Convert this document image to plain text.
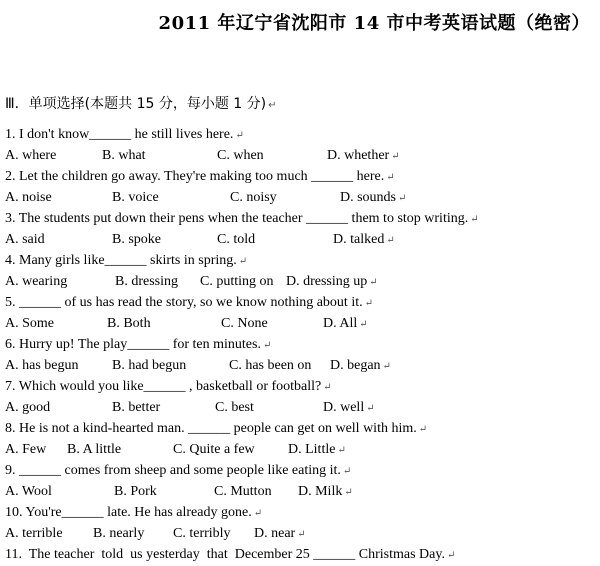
2011 年辽宁省沈阳市 14 市中考英语试题（绝密）
Ⅲ．单项选择(本题共 15 分，每小题 1 分) ↵
1. I don't know______ he still lives here. ↵
A. where	B. what	C. when	D. whether ↵
2. Let the children go away. They're making too much ______ here. ↵
A. noise	B. voice	C. noisy	D. sounds ↵
3. The students put down their pens when the teacher ______ them to stop writing. ↵
A. said	B. spoke	C. told	D. talked ↵
4. Many girls like______ skirts in spring. ↵
A. wearing	B. dressing C. putting on D. dressing up ↵
5. ______ of us has read the story, so we know nothing about it. ↵
A. Some	B. Both	C. None	D. All ↵
6. Hurry up! The play______ for ten minutes. ↵
A. has begun B. had begun	C. has been on D. began ↵
7. Which would you like______ , basketball or football? ↵
A. good	B. better	C. best	D. well ↵
8. He is not a kind-hearted man. ______ people can get on well with him. ↵
A. Few B. A little	C. Quite a few D. Little ↵
9. ______ comes from sheep and some people like eating it. ↵
A. Wool	B. Pork	C. Mutton D. Milk ↵
10. You're______ late. He has already gone. ↵
A. terrible B. nearly C. terribly D. near ↵
11.  The teacher  told  us yesterday  that  December 25 ______ Christmas Day. ↵
